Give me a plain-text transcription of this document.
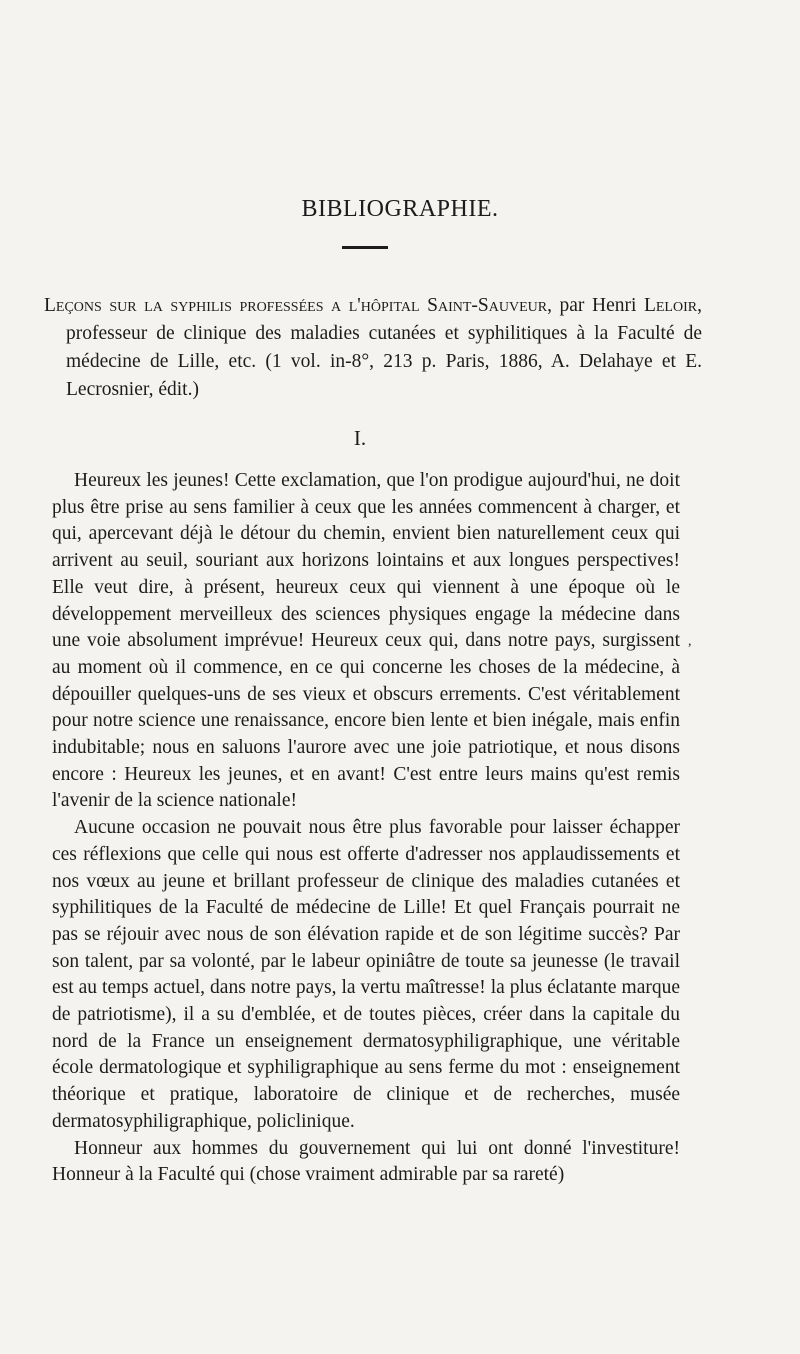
BIBLIOGRAPHIE.
Leçons sur la syphilis professées a l'hôpital Saint-Sauveur, par Henri Leloir, professeur de clinique des maladies cutanées et syphilitiques à la Faculté de médecine de Lille, etc. (1 vol. in-8°, 213 p. Paris, 1886, A. Delahaye et E. Lecrosnier, édit.)
I.

Heureux les jeunes! Cette exclamation, que l'on prodigue aujourd'hui, ne doit plus être prise au sens familier à ceux que les années commencent à charger, et qui, apercevant déjà le détour du chemin, envient bien naturellement ceux qui arrivent au seuil, souriant aux horizons lointains et aux longues perspectives! Elle veut dire, à présent, heureux ceux qui viennent à une époque où le développement merveilleux des sciences physiques engage la médecine dans une voie absolument imprévue! Heureux ceux qui, dans notre pays, surgissent au moment où il commence, en ce qui concerne les choses de la médecine, à dépouiller quelques-uns de ses vieux et obscurs errements. C'est véritablement pour notre science une renaissance, encore bien lente et bien inégale, mais enfin indubitable; nous en saluons l'aurore avec une joie patriotique, et nous disons encore : Heureux les jeunes, et en avant! C'est entre leurs mains qu'est remis l'avenir de la science nationale!

Aucune occasion ne pouvait nous être plus favorable pour laisser échapper ces réflexions que celle qui nous est offerte d'adresser nos applaudissements et nos vœux au jeune et brillant professeur de clinique des maladies cutanées et syphilitiques de la Faculté de médecine de Lille! Et quel Français pourrait ne pas se réjouir avec nous de son élévation rapide et de son légitime succès? Par son talent, par sa volonté, par le labeur opiniâtre de toute sa jeunesse (le travail est au temps actuel, dans notre pays, la vertu maîtresse! la plus éclatante marque de patriotisme), il a su d'emblée, et de toutes pièces, créer dans la capitale du nord de la France un enseignement dermatosyphiligraphique, une véritable école dermatologique et syphiligraphique au sens ferme du mot : enseignement théorique et pratique, laboratoire de clinique et de recherches, musée dermatosyphiligraphique, policlinique.

Honneur aux hommes du gouvernement qui lui ont donné l'investiture! Honneur à la Faculté qui (chose vraiment admirable par sa rareté)

,
